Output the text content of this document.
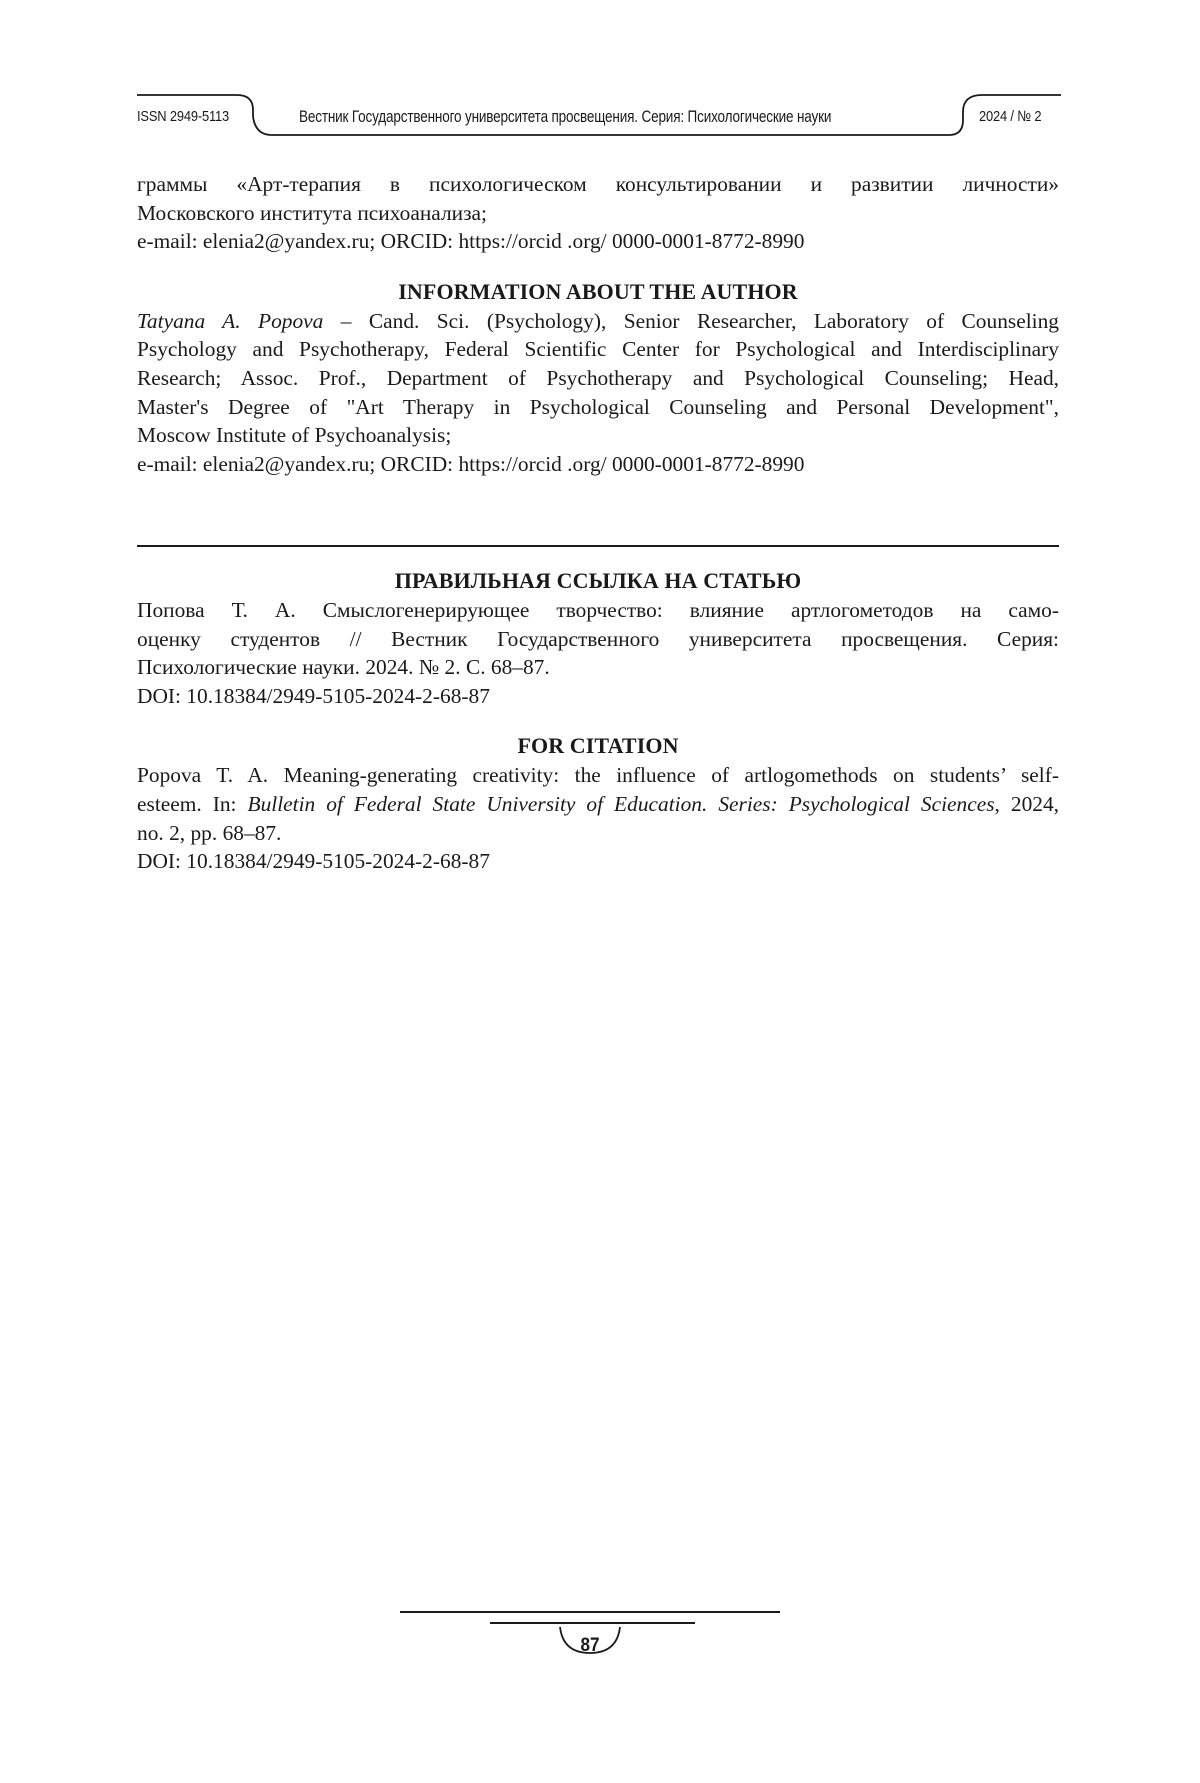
ISSN 2949-5113	Вестник Государственного университета просвещения. Серия: Психологические науки	2024 / № 2
граммы «Арт-терапия в психологическом консультировании и развитии личности»
Московского института психоанализа;
e-mail: elenia2@yandex.ru; ORCID: https://orcid .org/ 0000-0001-8772-8990
INFORMATION ABOUT THE AUTHOR
Tatyana A. Popova – Cand. Sci. (Psychology), Senior Researcher, Laboratory of Counseling
Psychology and Psychotherapy, Federal Scientific Center for Psychological and Interdisciplinary
Research; Assoc. Prof., Department of Psychotherapy and Psychological Counseling; Head,
Master's Degree of "Art Therapy in Psychological Counseling and Personal Development",
Moscow Institute of Psychoanalysis;
e-mail: elenia2@yandex.ru; ORCID: https://orcid .org/ 0000-0001-8772-8990
ПРАВИЛЬНАЯ ССЫЛКА НА СТАТЬЮ
Попова Т. А. Смыслогенерирующее творчество: влияние артлогометодов на само-
оценку студентов // Вестник Государственного университета просвещения. Серия:
Психологические науки. 2024. № 2. С. 68–87.
DOI: 10.18384/2949-5105-2024-2-68-87
FOR CITATION
Popova T. A. Meaning-generating creativity: the influence of artlogomethods on students’ self-
esteem. In: Bulletin of Federal State University of Education. Series: Psychological Sciences, 2024,
no. 2, pp. 68–87.
DOI: 10.18384/2949-5105-2024-2-68-87
87
